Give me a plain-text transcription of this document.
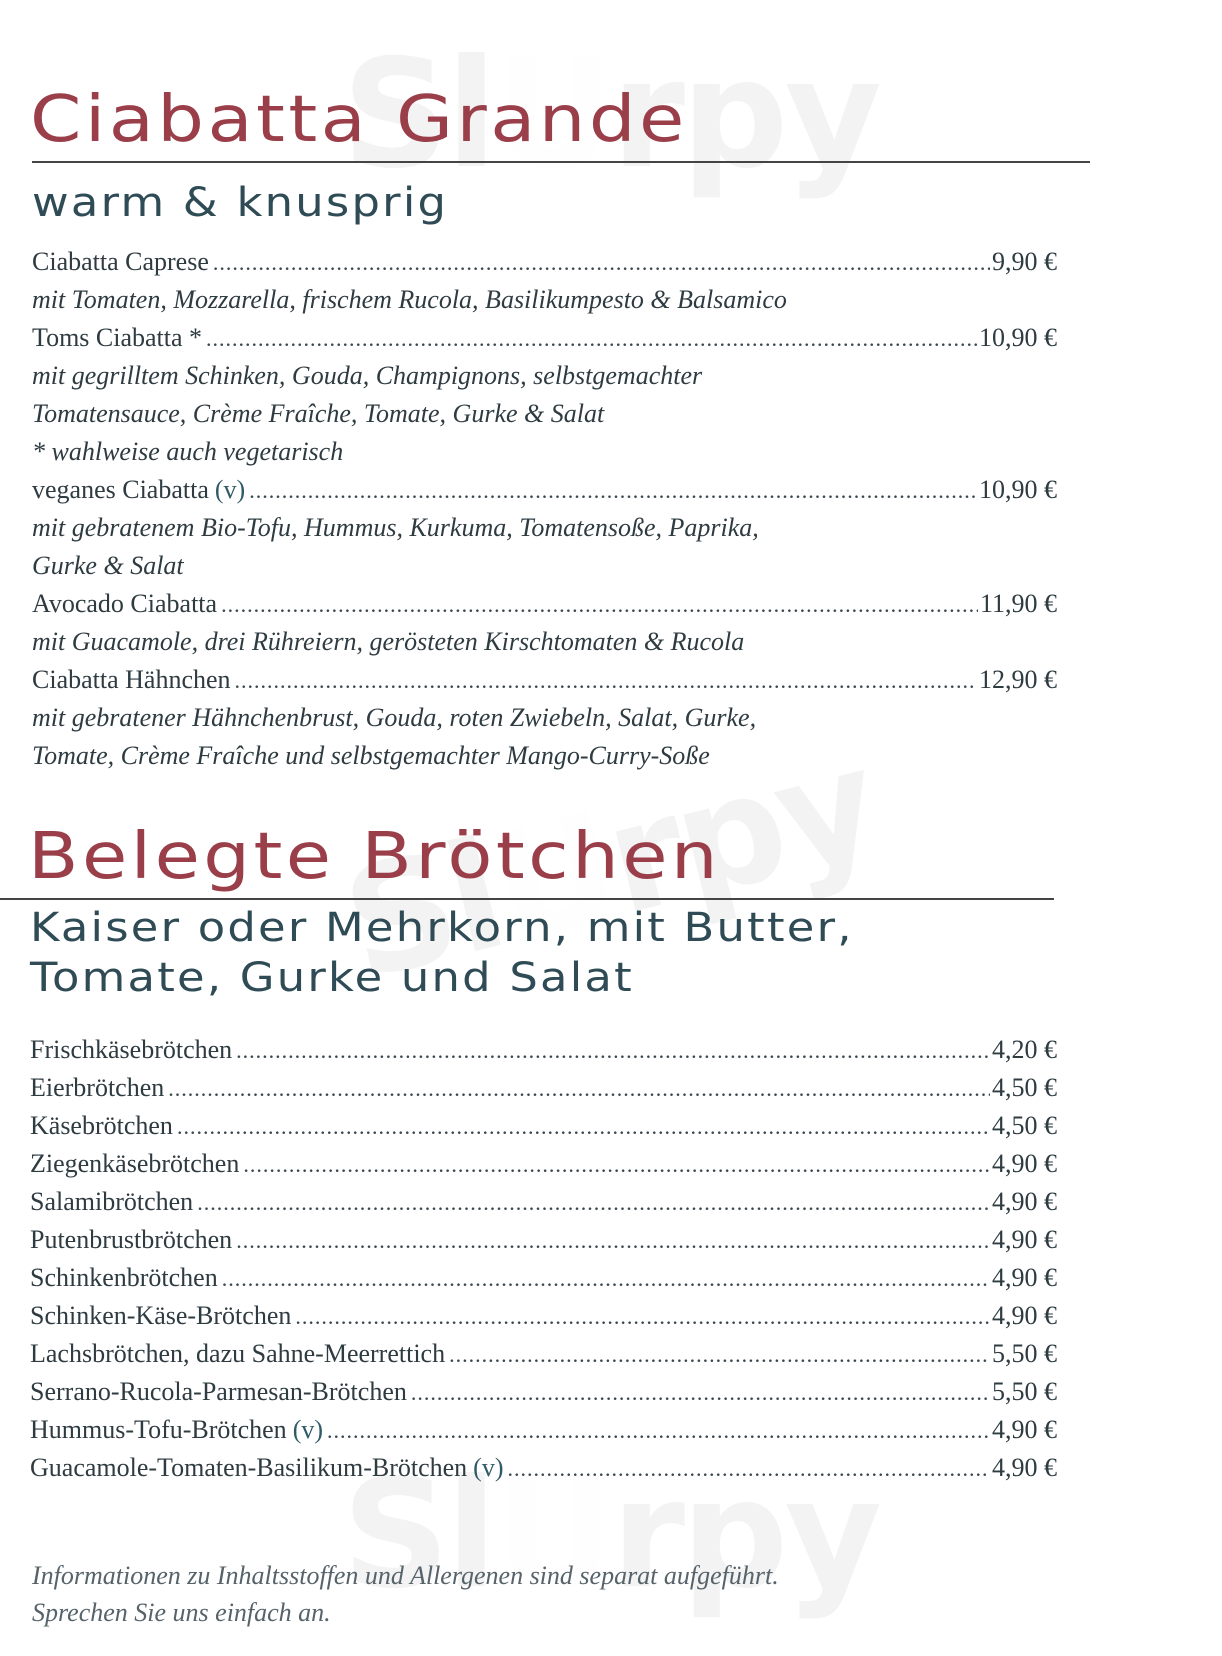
Ciabatta Grande
warm & knusprig
Ciabatta Caprese .....	9,90 €
mit Tomaten, Mozzarella, frischem Rucola, Basilikumpesto & Balsamico
Toms Ciabatta * .....	10,90 €
mit gegrilltem Schinken, Gouda, Champignons, selbstgemachter
Tomatensauce, Crème Fraîche, Tomate, Gurke & Salat
* wahlweise auch vegetarisch
veganes Ciabatta (v) .....	10,90 €
mit gebratenem Bio-Tofu, Hummus, Kurkuma, Tomatensoße, Paprika,
Gurke & Salat
Avocado Ciabatta .....	11,90 €
mit Guacamole, drei Rühreiern, gerösteten Kirschtomaten & Rucola
Ciabatta Hähnchen .....	12,90 €
mit gebratener Hähnchenbrust, Gouda, roten Zwiebeln, Salat, Gurke,
Tomate, Crème Fraîche und selbstgemachter Mango-Curry-Soße
Belegte Brötchen
Kaiser oder Mehrkorn, mit Butter,
Tomate, Gurke und Salat
Frischkäsebrötchen .....	4,20 €
Eierbrötchen .....	4,50 €
Käsebrötchen .....	4,50 €
Ziegenkäsebrötchen .....	4,90 €
Salamibrötchen .....	4,90 €
Putenbrustbrötchen .....	4,90 €
Schinkenbrötchen .....	4,90 €
Schinken-Käse-Brötchen .....	4,90 €
Lachsbrötchen, dazu Sahne-Meerrettich .....	5,50 €
Serrano-Rucola-Parmesan-Brötchen .....	5,50 €
Hummus-Tofu-Brötchen (v) .....	4,90 €
Guacamole-Tomaten-Basilikum-Brötchen (v) .....	4,90 €
Informationen zu Inhaltsstoffen und Allergenen sind separat aufgeführt.
Sprechen Sie uns einfach an.
